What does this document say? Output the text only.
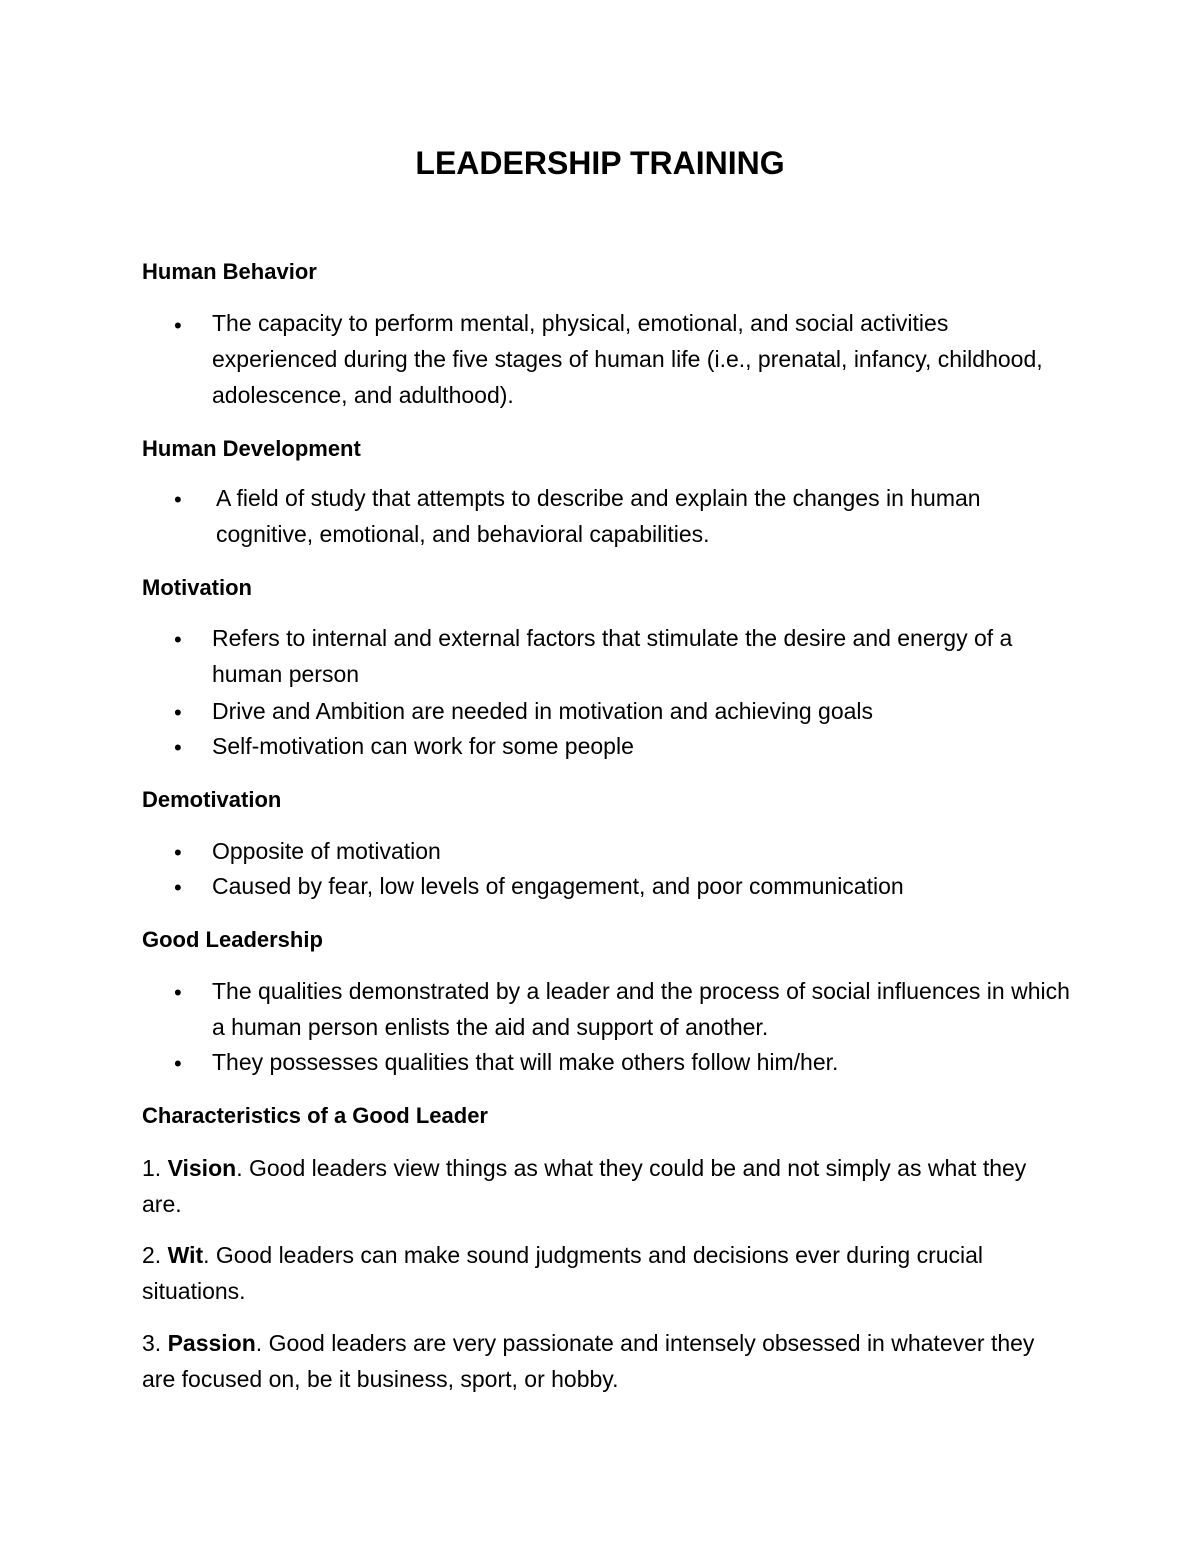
LEADERSHIP TRAINING
Human Behavior
• The capacity to perform mental, physical, emotional, and social activities experienced during the five stages of human life (i.e., prenatal, infancy, childhood, adolescence, and adulthood).

Human Development
• A field of study that attempts to describe and explain the changes in human cognitive, emotional, and behavioral capabilities.

Motivation
• Refers to internal and external factors that stimulate the desire and energy of a human person

• Drive and Ambition are needed in motivation and achieving goals

• Self-motivation can work for some people

Demotivation
• Opposite of motivation

• Caused by fear, low levels of engagement, and poor communication

Good Leadership
• The qualities demonstrated by a leader and the process of social influences in which a human person enlists the aid and support of another.

• They possesses qualities that will make others follow him/her.

Characteristics of a Good Leader

1. Vision. Good leaders view things as what they could be and not simply as what they are.

2. Wit. Good leaders can make sound judgments and decisions ever during crucial situations.

3. Passion. Good leaders are very passionate and intensely obsessed in whatever they are focused on, be it business, sport, or hobby.
